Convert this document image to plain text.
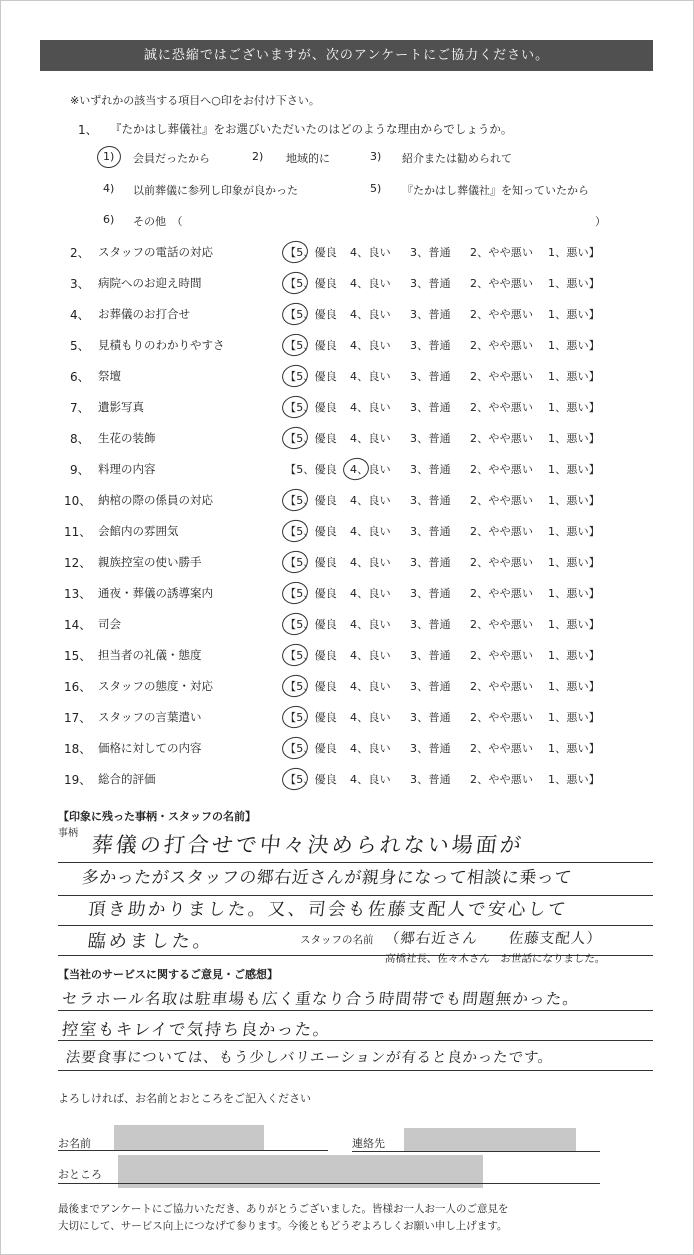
誠に恐縮ではございますが、次のアンケートにご協力ください。
※いずれかの該当する項目へ○印をお付け下さい。
1、 『たかはし葬儀社』をお選びいただいたのはどのような理由からでしょうか。
1) 会員だったから	2) 地域的に	3) 紹介または勧められて
4) 以前葬儀に参列し印象が良かった	5) 『たかはし葬儀社』を知っていたから
6) その他　（	）
2、 スタッフの電話の対応	【5、優良 4、良い 3、普通 2、やや悪い 1、悪い】
3、 病院へのお迎え時間	【5、優良 4、良い 3、普通 2、やや悪い 1、悪い】
4、 お葬儀のお打合せ	【5、優良 4、良い 3、普通 2、やや悪い 1、悪い】
5、 見積もりのわかりやすさ	【5、優良 4、良い 3、普通 2、やや悪い 1、悪い】
6、 祭壇	【5、優良 4、良い 3、普通 2、やや悪い 1、悪い】
7、 遺影写真	【5、優良 4、良い 3、普通 2、やや悪い 1、悪い】
8、 生花の装飾	【5、優良 4、良い 3、普通 2、やや悪い 1、悪い】
9、 料理の内容	【5、優良 4、良い 3、普通 2、やや悪い 1、悪い】
10、 納棺の際の係員の対応	【5、優良 4、良い 3、普通 2、やや悪い 1、悪い】
11、 会館内の雰囲気	【5、優良 4、良い 3、普通 2、やや悪い 1、悪い】
12、 親族控室の使い勝手	【5、優良 4、良い 3、普通 2、やや悪い 1、悪い】
13、 通夜・葬儀の誘導案内	【5、優良 4、良い 3、普通 2、やや悪い 1、悪い】
14、 司会	【5、優良 4、良い 3、普通 2、やや悪い 1、悪い】
15、 担当者の礼儀・態度	【5、優良 4、良い 3、普通 2、やや悪い 1、悪い】
16、 スタッフの態度・対応	【5、優良 4、良い 3、普通 2、やや悪い 1、悪い】
17、 スタッフの言葉遣い	【5、優良 4、良い 3、普通 2、やや悪い 1、悪い】
18、 価格に対しての内容	【5、優良 4、良い 3、普通 2、やや悪い 1、悪い】
19、 総合的評価	【5、優良 4、良い 3、普通 2、やや悪い 1、悪い】
【印象に残った事柄・スタッフの名前】
事柄 葬儀の打合せで中々決められない場面が
多かったがスタッフの郷右近さんが親身になって相談に乗って
頂き助かりました。又、司会も佐藤支配人で安心して
臨めました。	スタッフの名前 （郷右近さん　　佐藤支配人）
高橋社長、佐々木さん　お世話になりました。
【当社のサービスに関するご意見・ご感想】
セラホール名取は駐車場も広く重なり合う時間帯でも問題無かった。
控室もキレイで気持ち良かった。
法要食事については、もう少しバリエーションが有ると良かったです。
よろしければ、お名前とおところをご記入ください
お名前	連絡先
おところ
最後までアンケートにご協力いただき、ありがとうございました。皆様お一人お一人のご意見を
大切にして、サービス向上につなげて参ります。今後ともどうぞよろしくお願い申し上げます。
